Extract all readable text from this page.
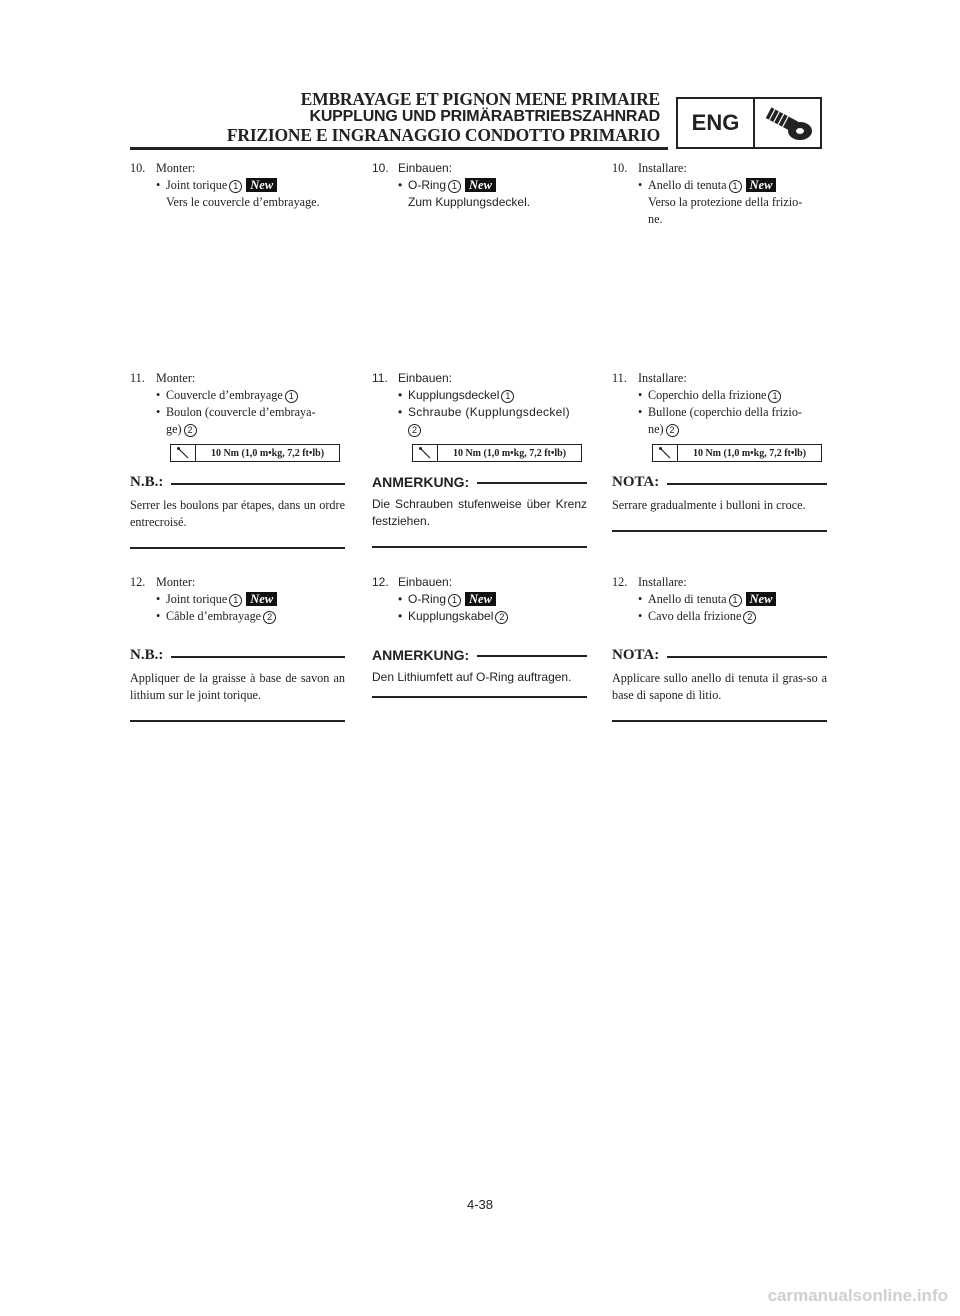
EMBRAYAGE ET PIGNON MENE PRIMAIRE
KUPPLUNG UND PRIMÄRABTRIEBSZAHNRAD
FRIZIONE E INGRANAGGIO CONDOTTO PRIMARIO	ENG
10. Monter:
• Joint torique 1 New
Vers le couvercle d’embrayage.
11. Monter:
• Couvercle d’embrayage 1
• Boulon (couvercle d’embraya-
ge) 2
10 Nm (1,0 m•kg, 7,2 ft•lb)
N.B.:
Serrer les boulons par étapes, dans un ordre entrecroisé.
12. Monter:
• Joint torique 1 New
• Câble d’embrayage 2
N.B.:
Appliquer de la graisse à base de savon an lithium sur le joint torique.
10. Einbauen:
• O-Ring 1 New
Zum Kupplungsdeckel.
11. Einbauen:
• Kupplungsdeckel 1
• Schraube (Kupplungsdeckel)
2
10 Nm (1,0 m•kg, 7,2 ft•lb)
ANMERKUNG:
Die Schrauben stufenweise über Krenz festziehen.
12. Einbauen:
• O-Ring 1 New
• Kupplungskabel 2
ANMERKUNG:
Den Lithiumfett auf O-Ring auftragen.
10. Installare:
• Anello di tenuta 1 New
Verso la protezione della frizio-
ne.
11. Installare:
• Coperchio della frizione 1
• Bullone (coperchio della frizio-
ne) 2
10 Nm (1,0 m•kg, 7,2 ft•lb)
NOTA:
Serrare gradualmente i bulloni in croce.
12. Installare:
• Anello di tenuta 1 New
• Cavo della frizione 2
NOTA:
Applicare sullo anello di tenuta il gras-so a base di sapone di litio.
4-38
carmanualsonline.info
